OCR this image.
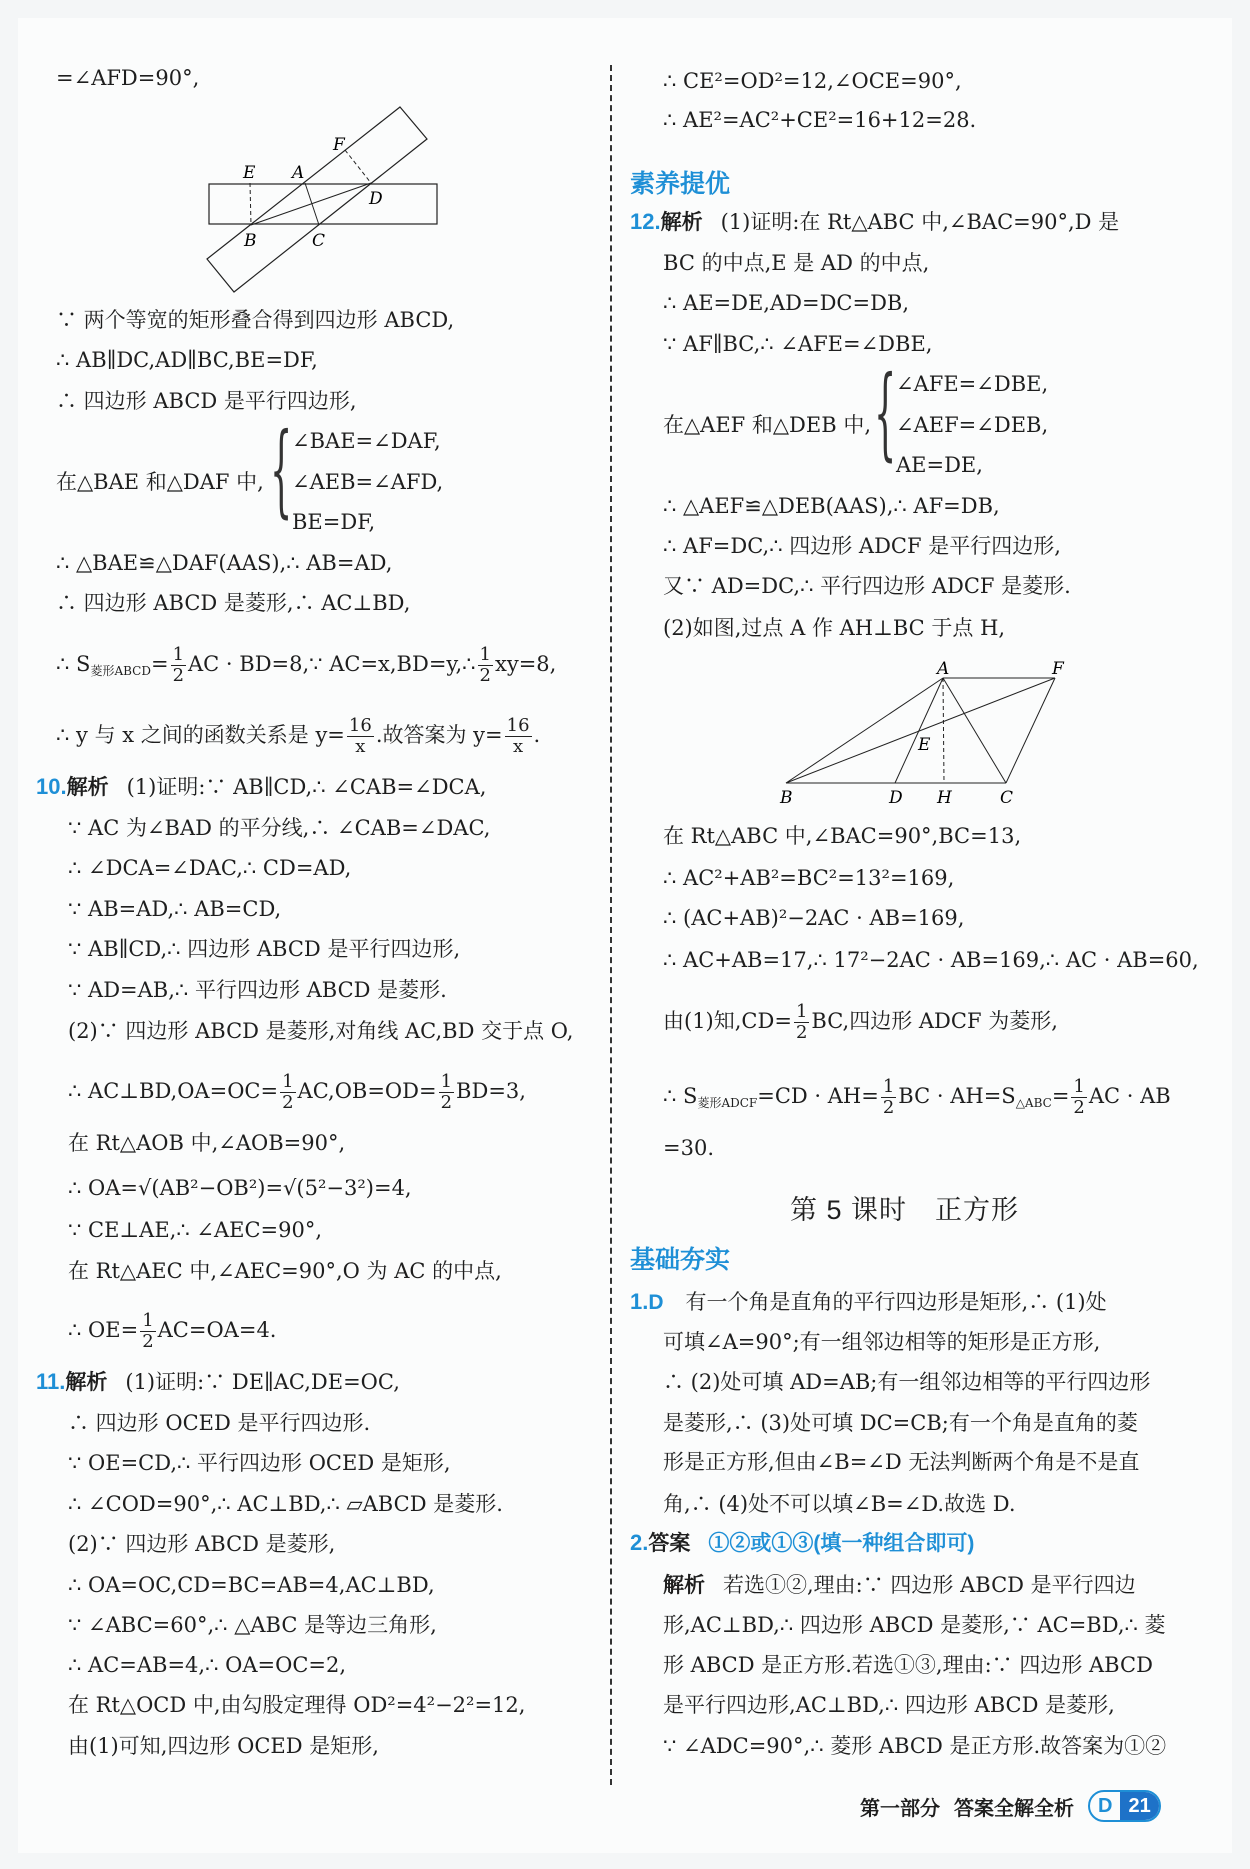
=∠AFD=90°,
E A
F
D
B	C
∵ 两个等宽的矩形叠合得到四边形 ABCD,
∴ AB∥DC,AD∥BC,BE=DF,
∴ 四边形 ABCD 是平行四边形,
在△BAE 和△DAF 中, { ∠BAE=∠DAF,
∠AEB=∠AFD,
BE=DF,
∴ △BAE≌△DAF(AAS),∴ AB=AD,
∴ 四边形 ABCD 是菱形,∴ AC⊥BD,
∴ $S_{菱形ABCD}= \frac{1}{2}$ AC · BD=8,∵ AC=x,BD=y,∴ $\frac{1}{2} xy=8$,
∴ y 与 x 之间的函数关系是 $y= \frac{16}{x}$ .故答案为 $y= \frac{16}{x}$ .
10.解析 (1)证明:∵ AB∥CD,∴ ∠CAB=∠DCA,
∵ AC 为∠BAD 的平分线,∴ ∠CAB=∠DAC,
∴ ∠DCA=∠DAC,∴ CD=AD,
∵ AB=AD,∴ AB=CD,
∵ AB∥CD,∴ 四边形 ABCD 是平行四边形,
∵ AD=AB,∴ 平行四边形 ABCD 是菱形.
(2)∵ 四边形 ABCD 是菱形,对角线 AC,BD 交于点 O,
∴ AC⊥BD,OA=OC= $\frac{1}{2} AC,OB=OD= \frac{1}{2} BD=3$,
在 Rt△AOB 中,∠AOB=90°,
∴ OA=√(AB²−OB²)=√(5²−3²)=4,
∵ CE⊥AE,∴ ∠AEC=90°,
在 Rt△AEC 中,∠AEC=90°,O 为 AC 的中点,
∴ $OE= \frac{1}{2} AC=OA=4$.
11.解析 (1)证明:∵ DE∥AC,DE=OC,
∴ 四边形 OCED 是平行四边形.
∵ OE=CD,∴ 平行四边形 OCED 是矩形,
∴ ∠COD=90°,∴ AC⊥BD,∴ ▱ABCD 是菱形.
(2)∵ 四边形 ABCD 是菱形,
∴ OA=OC,CD=BC=AB=4,AC⊥BD,
∵ ∠ABC=60°,∴ △ABC 是等边三角形,
∴ AC=AB=4,∴ OA=OC=2,
在 Rt△OCD 中,由勾股定理得 OD²=4²−2²=12,
由(1)可知,四边形 OCED 是矩形,
∴ CE²=OD²=12,∠OCE=90°,
∴ AE²=AC²+CE²=16+12=28.
素养提优
12.解析 (1)证明:在 Rt△ABC 中,∠BAC=90°,D 是
BC 的中点,E 是 AD 的中点,
∴ AE=DE,AD=DC=DB,
∵ AF∥BC,∴ ∠AFE=∠DBE,
在△AEF 和△DEB 中, { ∠AFE=∠DBE,
∠AEF=∠DEB,
AE=DE,
∴ △AEF≌△DEB(AAS),∴ AF=DB,
∴ AF=DC,∴ 四边形 ADCF 是平行四边形,
又∵ AD=DC,∴ 平行四边形 ADCF 是菱形.
(2)如图,过点 A 作 AH⊥BC 于点 H,
A	F
E
B	D H	C
在 Rt△ABC 中,∠BAC=90°,BC=13,
∴ AC²+AB²=BC²=13²=169,
∴ (AC+AB)²−2AC · AB=169,
∴ AC+AB=17,∴ 17²−2AC · AB=169,∴ AC · AB=60,
由(1)知$,CD= \frac{1}{2}$ BC,四边形 ADCF 为菱形,
∴ $S_{菱形ADCF}=CD \cdot AH= \frac{1}{2}$ BC · $AH=S_{\triangle ABC}= \frac{1}{2}$ AC · AB
=30.
第 5 课时　正方形
基础夯实
1.D 有一个角是直角的平行四边形是矩形,∴ (1)处
可填∠A=90°;有一组邻边相等的矩形是正方形,
∴ (2)处可填 AD=AB;有一组邻边相等的平行四边形
是菱形,∴ (3)处可填 DC=CB;有一个角是直角的菱
形是正方形,但由∠B=∠D 无法判断两个角是不是直
角,∴ (4)处不可以填∠B=∠D.故选 D.
2.答案 ①②或①③(填一种组合即可)
解析 若选①②,理由:∵ 四边形 ABCD 是平行四边
形,AC⊥BD,∴ 四边形 ABCD 是菱形,∵ AC=BD,∴ 菱
形 ABCD 是正方形.若选①③,理由:∵ 四边形 ABCD
是平行四边形,AC⊥BD,∴ 四边形 ABCD 是菱形,
∵ ∠ADC=90°,∴ 菱形 ABCD 是正方形.故答案为①②
第一部分 答案全解全析	D 21
